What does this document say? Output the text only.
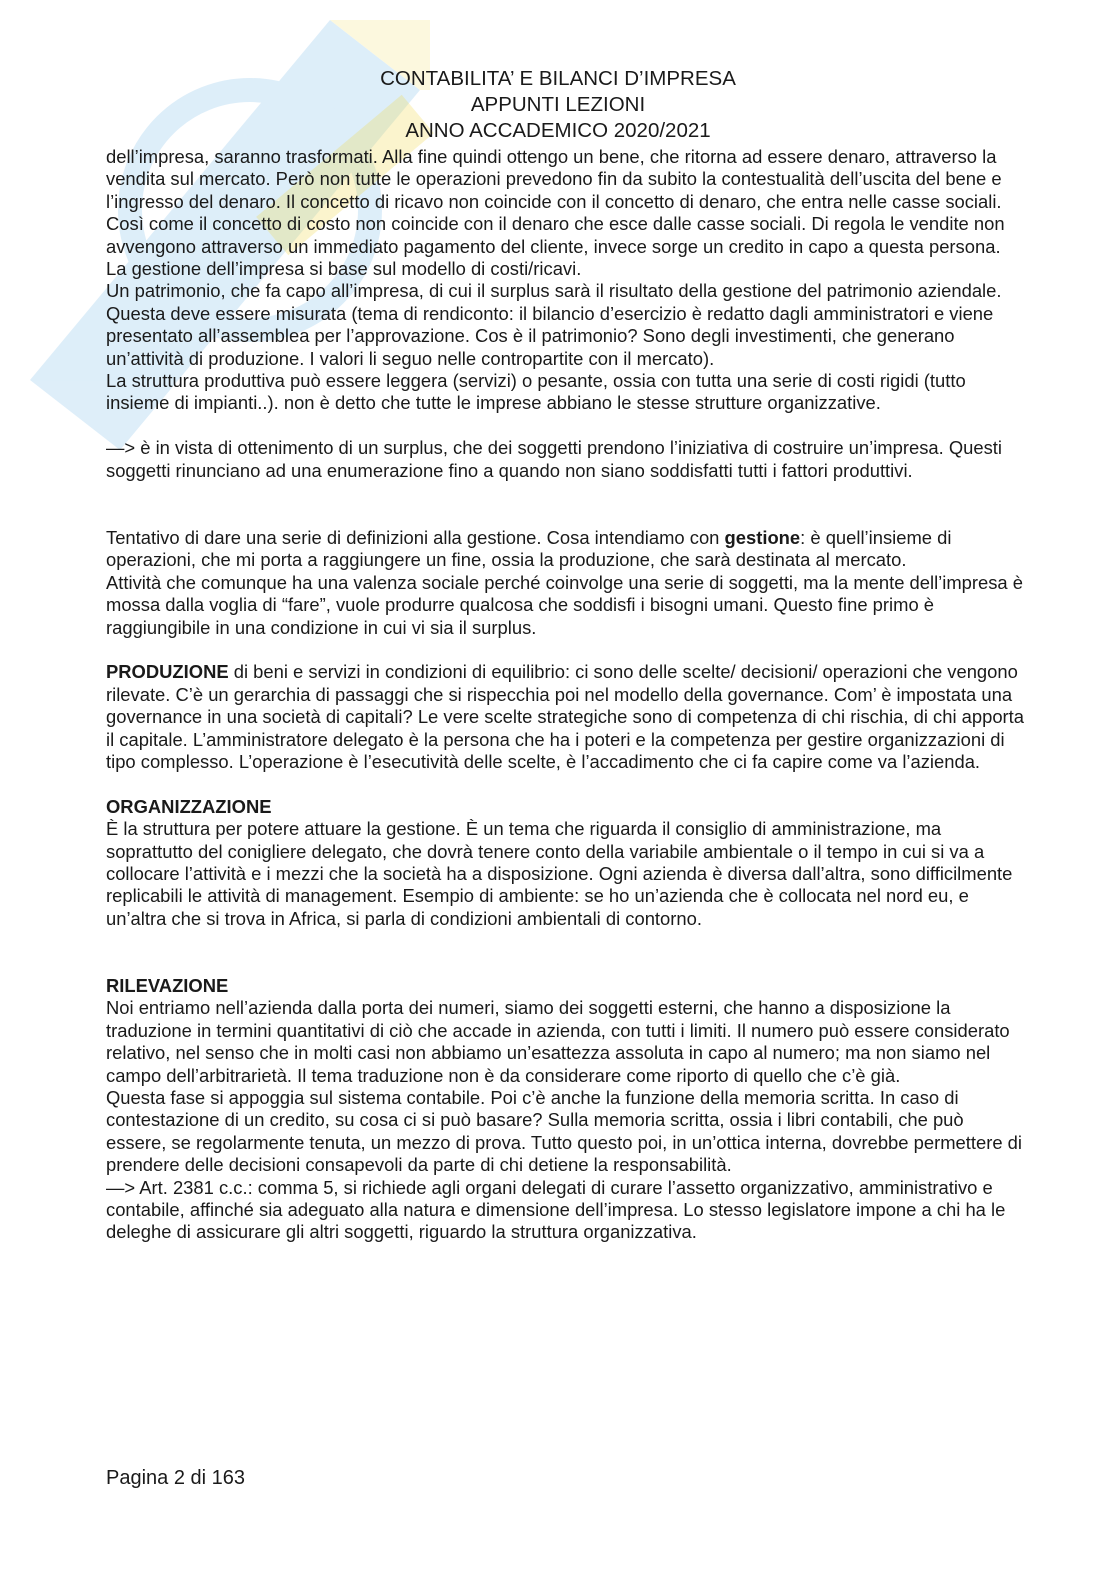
CONTABILITA’ E BILANCI D’IMPRESA
APPUNTI LEZIONI
ANNO ACCADEMICO 2020/2021

dell’impresa, saranno trasformati. Alla fine quindi ottengo un bene, che ritorna ad essere denaro, attraverso la vendita sul mercato. Però non tutte le operazioni prevedono fin da subito la contestualità dell’uscita del bene e l’ingresso del denaro. Il concetto di ricavo non coincide con il concetto di denaro, che entra nelle casse sociali. Così come il concetto di costo non coincide con il denaro che esce dalle casse sociali. Di regola le vendite non avvengono attraverso un immediato pagamento del cliente, invece sorge un credito in capo a questa persona.

La gestione dell’impresa si base sul modello di costi/ricavi.

Un patrimonio, che fa capo all’impresa, di cui il surplus sarà il risultato della gestione del patrimonio aziendale. Questa deve essere misurata (tema di rendiconto: il bilancio d’esercizio è redatto dagli amministratori e viene presentato all’assemblea per l’approvazione. Cos è il patrimonio? Sono degli investimenti, che generano un’attività di produzione. I valori li seguo nelle contropartite con il mercato).

La struttura produttiva può essere leggera (servizi) o pesante, ossia con tutta una serie di costi rigidi (tutto insieme di impianti..). non è detto che tutte le imprese abbiano le stesse strutture organizzative.

—> è in vista di ottenimento di un surplus, che dei soggetti prendono l’iniziativa di costruire un’impresa. Questi soggetti rinunciano ad una enumerazione fino a quando non siano soddisfatti tutti i fattori produttivi.

Tentativo di dare una serie di definizioni alla gestione. Cosa intendiamo con gestione: è quell’insieme di operazioni, che mi porta a raggiungere un fine, ossia la produzione, che sarà destinata al mercato.

Attività che comunque ha una valenza sociale perché coinvolge una serie di soggetti, ma la mente dell’impresa è mossa dalla voglia di “fare”, vuole produrre qualcosa che soddisfi i bisogni umani. Questo fine primo è raggiungibile in una condizione in cui vi sia il surplus.

PRODUZIONE di beni e servizi in condizioni di equilibrio: ci sono delle scelte/ decisioni/ operazioni che vengono rilevate. C’è un gerarchia di passaggi che si rispecchia poi nel modello della governance. Com’ è impostata una governance in una società di capitali? Le vere scelte strategiche sono di competenza di chi rischia, di chi apporta il capitale. L’amministratore delegato è la persona che ha i poteri e la competenza per gestire organizzazioni di tipo complesso. L’operazione è l’esecutività delle scelte, è l’accadimento che ci fa capire come va l’azienda.

ORGANIZZAZIONE

È la struttura per potere attuare la gestione. È un tema che riguarda il consiglio di amministrazione, ma soprattutto del conigliere delegato, che dovrà tenere conto della variabile ambientale o il tempo in cui si va a collocare l’attività e i mezzi che la società ha a disposizione. Ogni azienda è diversa dall’altra, sono difficilmente replicabili le attività di management. Esempio di ambiente: se ho un’azienda che è collocata nel nord eu, e un’altra che si trova in Africa, si parla di condizioni ambientali di contorno.

RILEVAZIONE

Noi entriamo nell’azienda dalla porta dei numeri, siamo dei soggetti esterni, che hanno a disposizione la traduzione in termini quantitativi di ciò che accade in azienda, con tutti i limiti. Il numero può essere considerato relativo, nel senso che in molti casi non abbiamo un’esattezza assoluta in capo al numero; ma non siamo nel campo dell’arbitrarietà. Il tema traduzione non è da considerare come riporto di quello che c’è già.

Questa fase si appoggia sul sistema contabile. Poi c’è anche la funzione della memoria scritta. In caso di contestazione di un credito, su cosa ci si può basare? Sulla memoria scritta, ossia i libri contabili, che può essere, se regolarmente tenuta, un mezzo di prova. Tutto questo poi, in un’ottica interna, dovrebbe permettere di prendere delle decisioni consapevoli da parte di chi detiene la responsabilità.

—> Art. 2381 c.c.: comma 5, si richiede agli organi delegati di curare l’assetto organizzativo, amministrativo e contabile, affinché sia adeguato alla natura e dimensione dell’impresa. Lo stesso legislatore impone a chi ha le deleghe di assicurare gli altri soggetti, riguardo la struttura organizzativa.

Pagina 2 di 163
